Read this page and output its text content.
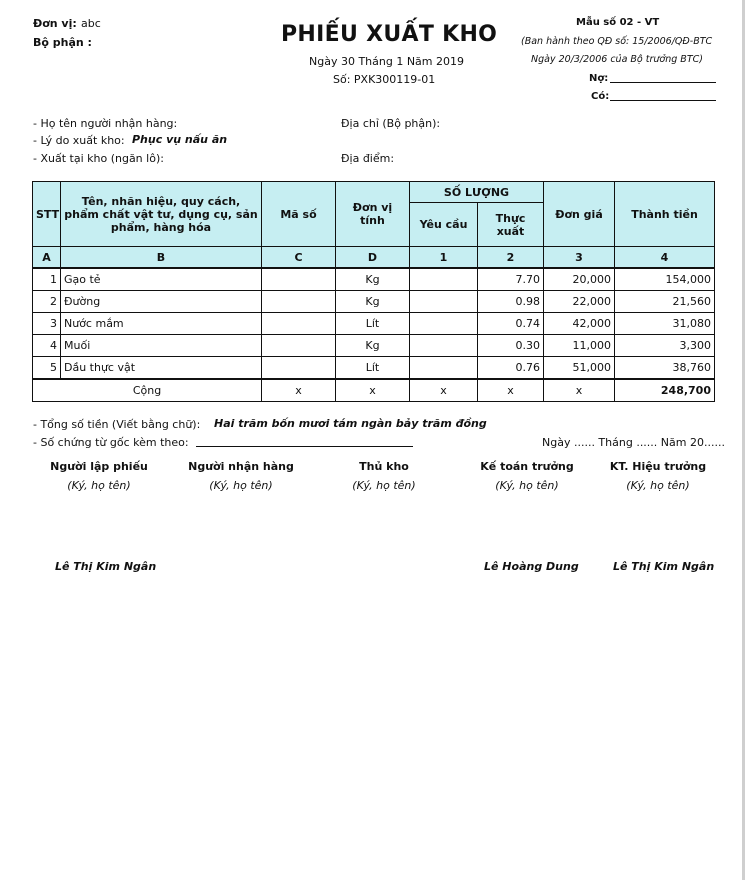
Đơn vị: abc
Bộ phận :	PHIẾU XUẤT KHO
Ngày 30 Tháng 1 Năm 2019
Số: PXK300119-01
Mẫu số 02 - VT
(Ban hành theo QĐ số: 15/2006/QĐ-BTC
Ngày 20/3/2006 của Bộ trưởng BTC)
Nợ:
Có:
- Họ tên người nhận hàng:	Địa chỉ (Bộ phận):
- Lý do xuất kho: Phục vụ nấu ăn
- Xuất tại kho (ngăn lô):	Địa điểm:
STT	Tên, nhãn hiệu, quy cách, phẩm chất vật tư, dụng cụ, sản phẩm, hàng hóa	Mã số	Đơn vị tính	SỐ LƯỢNG		Đơn giá	Thành tiền
				Yêu cầu	Thực xuất		
A	B	C	D	1	2	3	4
1	Gạo tẻ		Kg		7.70	20,000	154,000
2	Đường		Kg		0.98	22,000	21,560
3	Nước mắm		Lít		0.74	42,000	31,080
4	Muối		Kg		0.30	11,000	3,300
5	Dầu thực vật		Lít		0.76	51,000	38,760
Cộng		x	x	x	x	x	248,700
- Tổng số tiền (Viết bằng chữ): Hai trăm bốn mươi tám ngàn bảy trăm đồng
- Số chứng từ gốc kèm theo:	Ngày ...... Tháng ...... Năm 20......
Người lập phiếu
(Ký, họ tên)
Lê Thị Kim Ngân
Người nhận hàng
(Ký, họ tên)
Thủ kho
(Ký, họ tên)
Kế toán trưởng
(Ký, họ tên)
Lê Hoàng Dung
KT. Hiệu trưởng
(Ký, họ tên)
Lê Thị Kim Ngân
